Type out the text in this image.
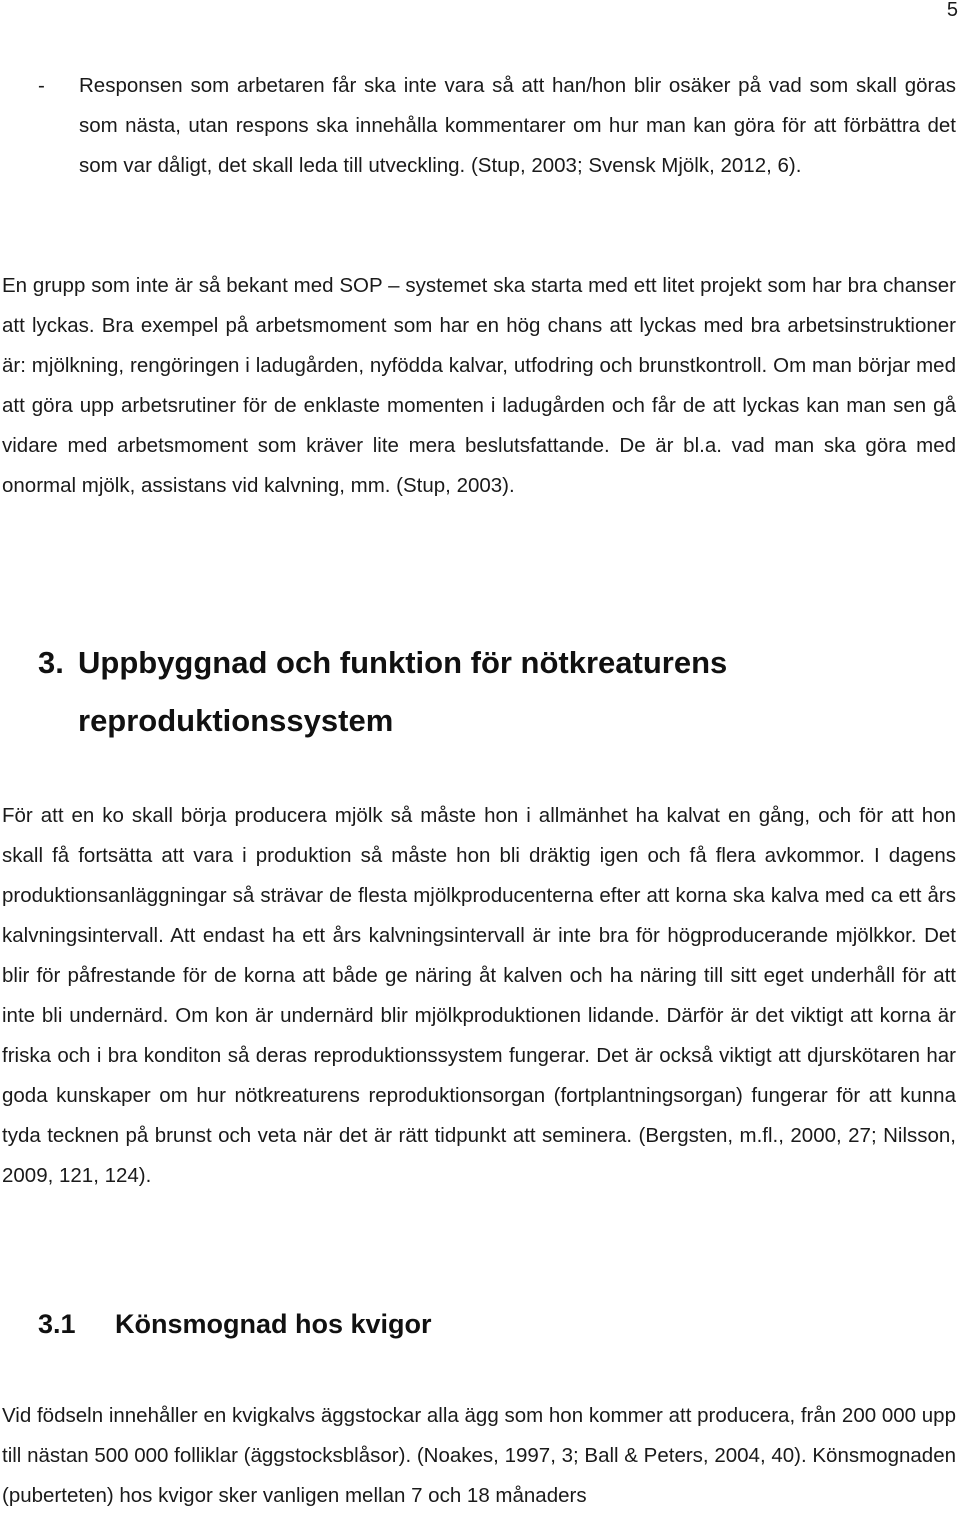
5
- Responsen som arbetaren får ska inte vara så att han/hon blir osäker på vad som skall göras som nästa, utan respons ska innehålla kommentarer om hur man kan göra för att förbättra det som var dåligt, det skall leda till utveckling. (Stup, 2003; Svensk Mjölk, 2012, 6).

En grupp som inte är så bekant med SOP – systemet ska starta med ett litet projekt som har bra chanser att lyckas. Bra exempel på arbetsmoment som har en hög chans att lyckas med bra arbetsinstruktioner är: mjölkning, rengöringen i ladugården, nyfödda kalvar, utfodring och brunstkontroll. Om man börjar med att göra upp arbetsrutiner för de enklaste momenten i ladugården och får de att lyckas kan man sen gå vidare med arbetsmoment som kräver lite mera beslutsfattande. De är bl.a. vad man ska göra med onormal mjölk, assistans vid kalvning, mm. (Stup, 2003).

3. Uppbyggnad och funktion för nötkreaturens
reproduktionssystem

För att en ko skall börja producera mjölk så måste hon i allmänhet ha kalvat en gång, och för att hon skall få fortsätta att vara i produktion så måste hon bli dräktig igen och få flera avkommor. I dagens produktionsanläggningar så strävar de flesta mjölkproducenterna efter att korna ska kalva med ca ett års kalvningsintervall. Att endast ha ett års kalvningsintervall är inte bra för högproducerande mjölkkor. Det blir för påfrestande för de korna att både ge näring åt kalven och ha näring till sitt eget underhåll för att inte bli undernärd. Om kon är undernärd blir mjölkproduktionen lidande. Därför är det viktigt att korna är friska och i bra konditon så deras reproduktionssystem fungerar. Det är också viktigt att djurskötaren har goda kunskaper om hur nötkreaturens reproduktionsorgan (fortplantningsorgan) fungerar för att kunna tyda tecknen på brunst och veta när det är rätt tidpunkt att seminera. (Bergsten, m.fl., 2000, 27; Nilsson, 2009, 121, 124).

3.1 Könsmognad hos kvigor

Vid födseln innehåller en kvigkalvs äggstockar alla ägg som hon kommer att producera, från 200 000 upp till nästan 500 000 folliklar (äggstocksblåsor). (Noakes, 1997, 3; Ball & Peters, 2004, 40). Könsmognaden (puberteten) hos kvigor sker vanligen mellan 7 och 18 månaders
